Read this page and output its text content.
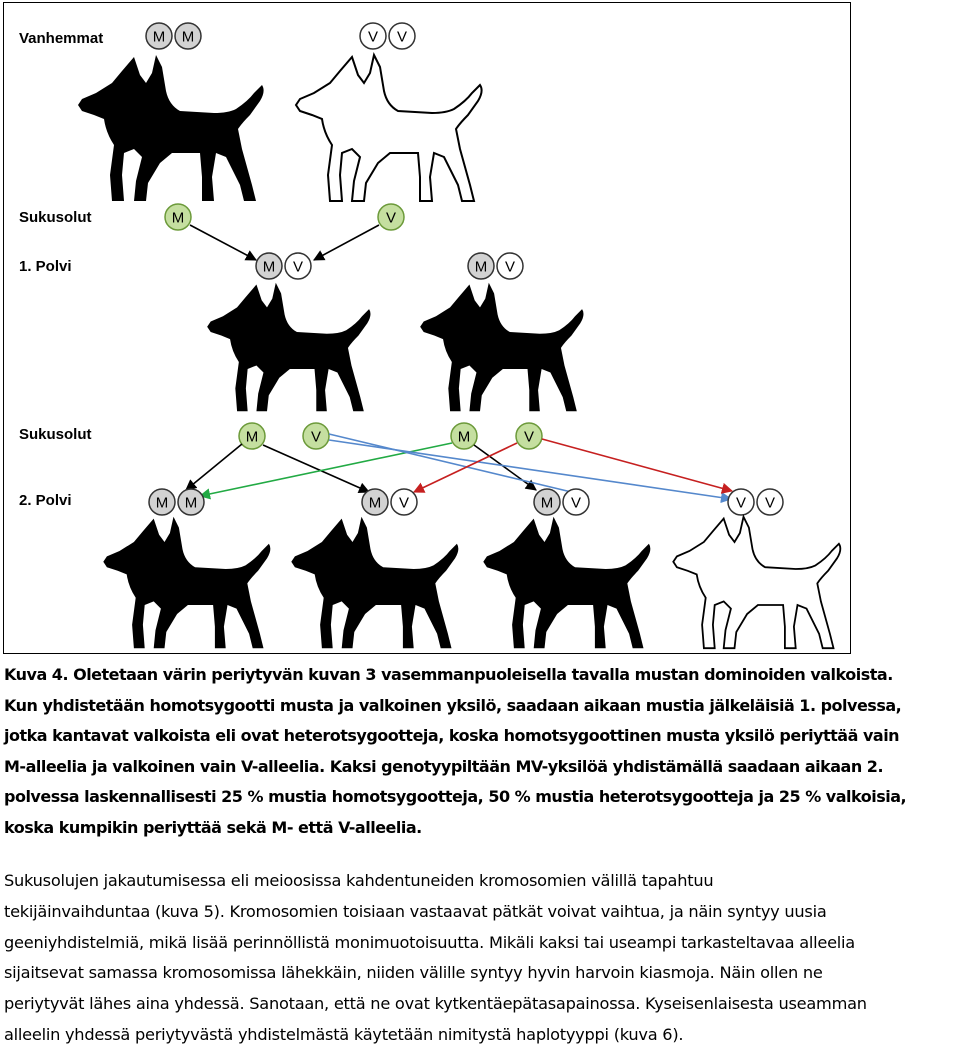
Vanhemmat
Sukusolut
1. Polvi
Sukusolut
2. Polvi
M M	V V
M	V
M V	M V
M	V	M	V
M M	M V	M V	V V
Kuva 4. Oletetaan värin periytyvän kuvan 3 vasemmanpuoleisella tavalla mustan dominoiden valkoista.
Kun yhdistetään homotsygootti musta ja valkoinen yksilö, saadaan aikaan mustia jälkeläisiä 1. polvessa,
jotka kantavat valkoista eli ovat heterotsygootteja, koska homotsygoottinen musta yksilö periyttää vain
M-alleelia ja valkoinen vain V-alleelia. Kaksi genotyypiltään MV-yksilöä yhdistämällä saadaan aikaan 2.
polvessa laskennallisesti 25 % mustia homotsygootteja, 50 % mustia heterotsygootteja ja 25 % valkoisia,
koska kumpikin periyttää sekä M- että V-alleelia.
Sukusolujen jakautumisessa eli meioosissa kahdentuneiden kromosomien välillä tapahtuu
tekijäinvaihduntaa (kuva 5). Kromosomien toisiaan vastaavat pätkät voivat vaihtua, ja näin syntyy uusia
geeniyhdistelmiä, mikä lisää perinnöllistä monimuotoisuutta. Mikäli kaksi tai useampi tarkasteltavaa alleelia
sijaitsevat samassa kromosomissa lähekkäin, niiden välille syntyy hyvin harvoin kiasmoja. Näin ollen ne
periytyvät lähes aina yhdessä. Sanotaan, että ne ovat kytkentäepätasapainossa. Kyseisenlaisesta useamman
alleelin yhdessä periytyvästä yhdistelmästä käytetään nimitystä haplotyyppi (kuva 6).
